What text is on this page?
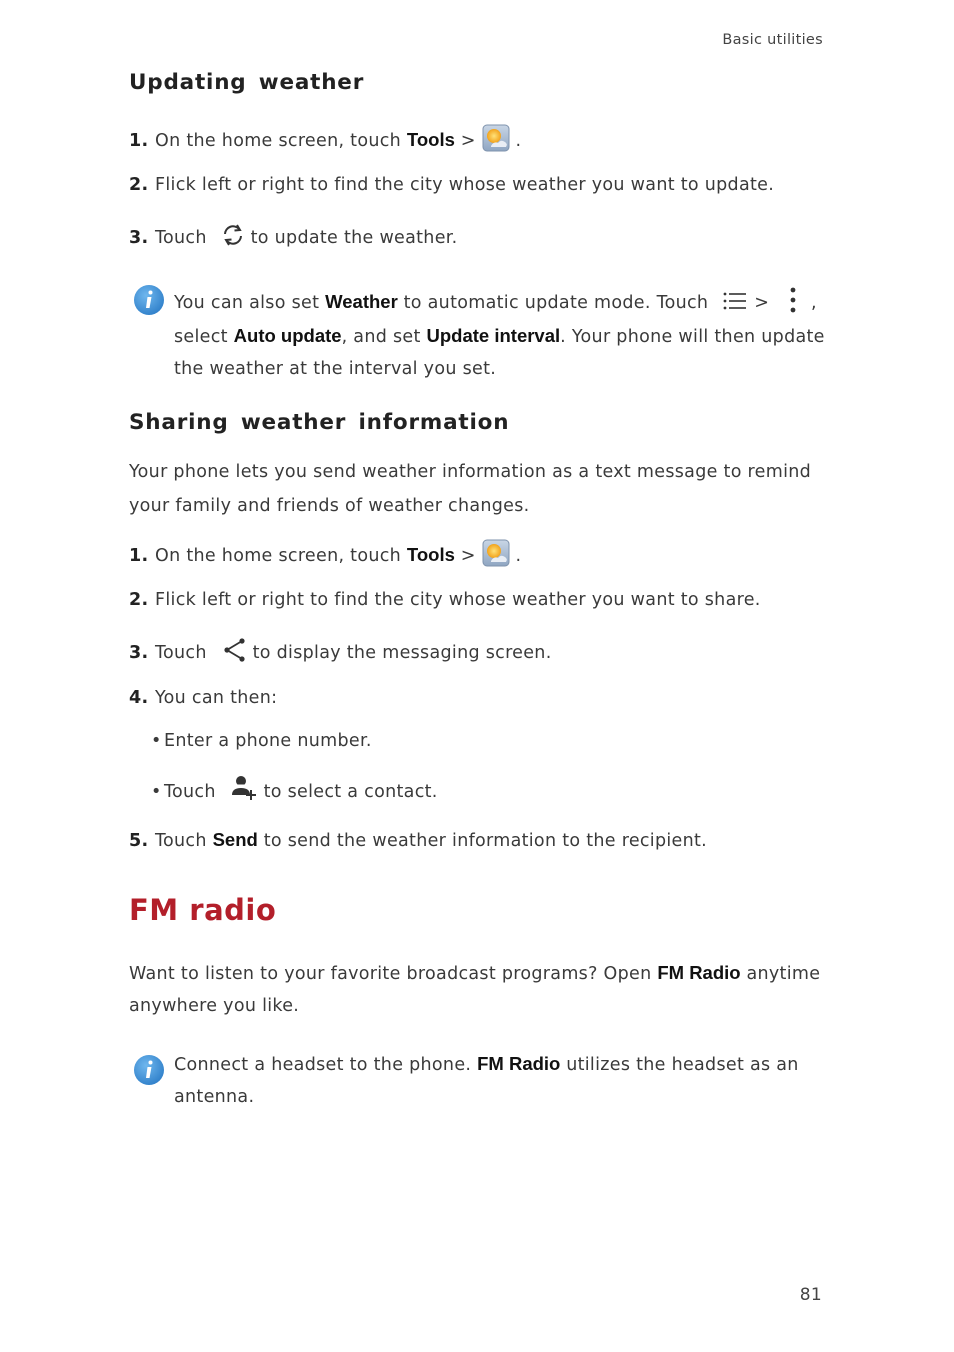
Basic utilities
Updating weather
1. On the home screen, touch Tools >  .
2. Flick left or right to find the city whose weather you want to update.
3. Touch	to update the weather.
You can also set Weather to automatic update mode. Touch	> ,
select Auto update, and set Update interval. Your phone will then update
the weather at the interval you set.
Sharing weather information
Your phone lets you send weather information as a text message to remind
your family and friends of weather changes.
1. On the home screen, touch Tools >  .
2. Flick left or right to find the city whose weather you want to share.
3. Touch	to display the messaging screen.
4. You can then:
• Enter a phone number.
• Touch	to select a contact.
5. Touch Send to send the weather information to the recipient.
FM radio
Want to listen to your favorite broadcast programs? Open FM Radio anytime
anywhere you like.
Connect a headset to the phone. FM Radio utilizes the headset as an
antenna.
81
